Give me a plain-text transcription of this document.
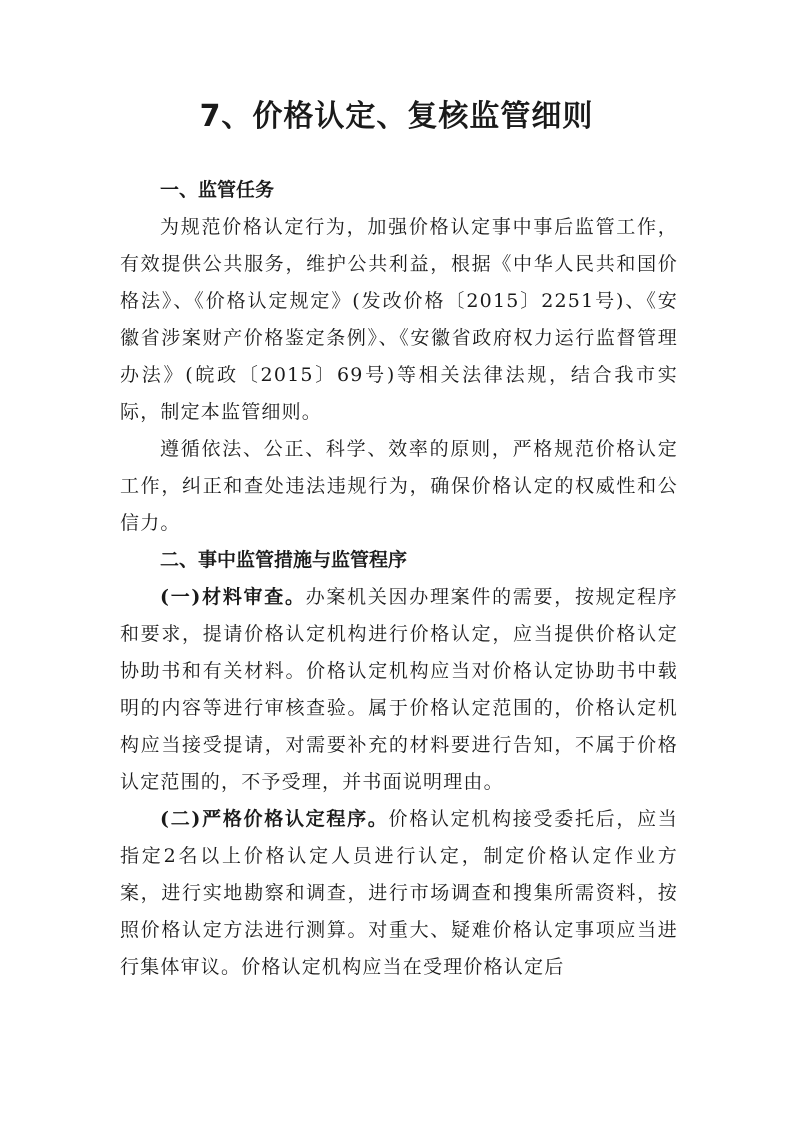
7、价格认定、复核监管细则

一、监管任务

为规范价格认定行为，加强价格认定事中事后监管工作，有效提供公共服务，维护公共利益，根据《中华人民共和国价格法》、《价格认定规定》(发改价格〔2015〕2251号)、《安徽省涉案财产价格鉴定条例》、《安徽省政府权力运行监督管理办法》(皖政〔2015〕69号)等相关法律法规，结合我市实际，制定本监管细则。

遵循依法、公正、科学、效率的原则，严格规范价格认定工作，纠正和查处违法违规行为，确保价格认定的权威性和公信力。

二、事中监管措施与监管程序

(一)材料审查。办案机关因办理案件的需要，按规定程序和要求，提请价格认定机构进行价格认定，应当提供价格认定协助书和有关材料。价格认定机构应当对价格认定协助书中载明的内容等进行审核查验。属于价格认定范围的，价格认定机构应当接受提请，对需要补充的材料要进行告知，不属于价格认定范围的，不予受理，并书面说明理由。

(二)严格价格认定程序。价格认定机构接受委托后，应当指定2名以上价格认定人员进行认定，制定价格认定作业方案，进行实地勘察和调查，进行市场调查和搜集所需资料，按照价格认定方法进行测算。对重大、疑难价格认定事项应当进行集体审议。价格认定机构应当在受理价格认定后
